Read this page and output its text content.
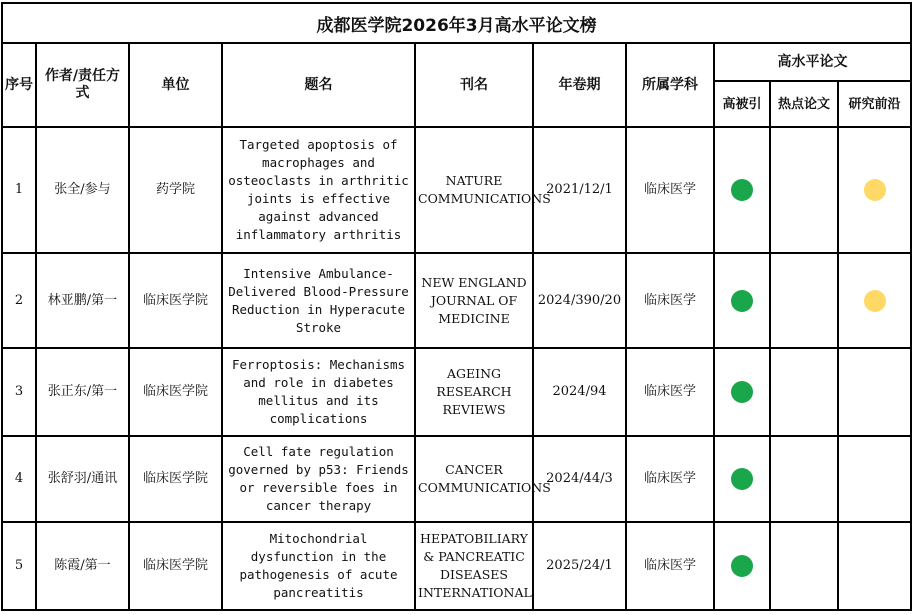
成都医学院2026年3月高水平论文榜									
序号	作者/责任方式	单位	题名	刊名	年卷期	所属学科	高水平论文		
							高被引	热点论文	研究前沿
1	张全/参与	药学院	Targeted apoptosis of macrophages and osteoclasts in arthritic joints is effective against advanced inflammatory arthritis	NATURE COMMUNICATIONS	2021/12/1	临床医学			
2	林亚鹏/第一	临床医学院	Intensive Ambulance-Delivered Blood-Pressure Reduction in Hyperacute Stroke	NEW ENGLAND JOURNAL OF MEDICINE	2024/390/20	临床医学			
3	张正东/第一	临床医学院	Ferroptosis: Mechanisms and role in diabetes mellitus and its complications	AGEING RESEARCH REVIEWS	2024/94	临床医学			
4	张舒羽/通讯	临床医学院	Cell fate regulation governed by p53: Friends or reversible foes in cancer therapy	CANCER COMMUNICATIONS	2024/44/3	临床医学			
5	陈霞/第一	临床医学院	Mitochondrial dysfunction in the pathogenesis of acute pancreatitis	HEPATOBILIARY & PANCREATIC DISEASES INTERNATIONAL	2025/24/1	临床医学			
